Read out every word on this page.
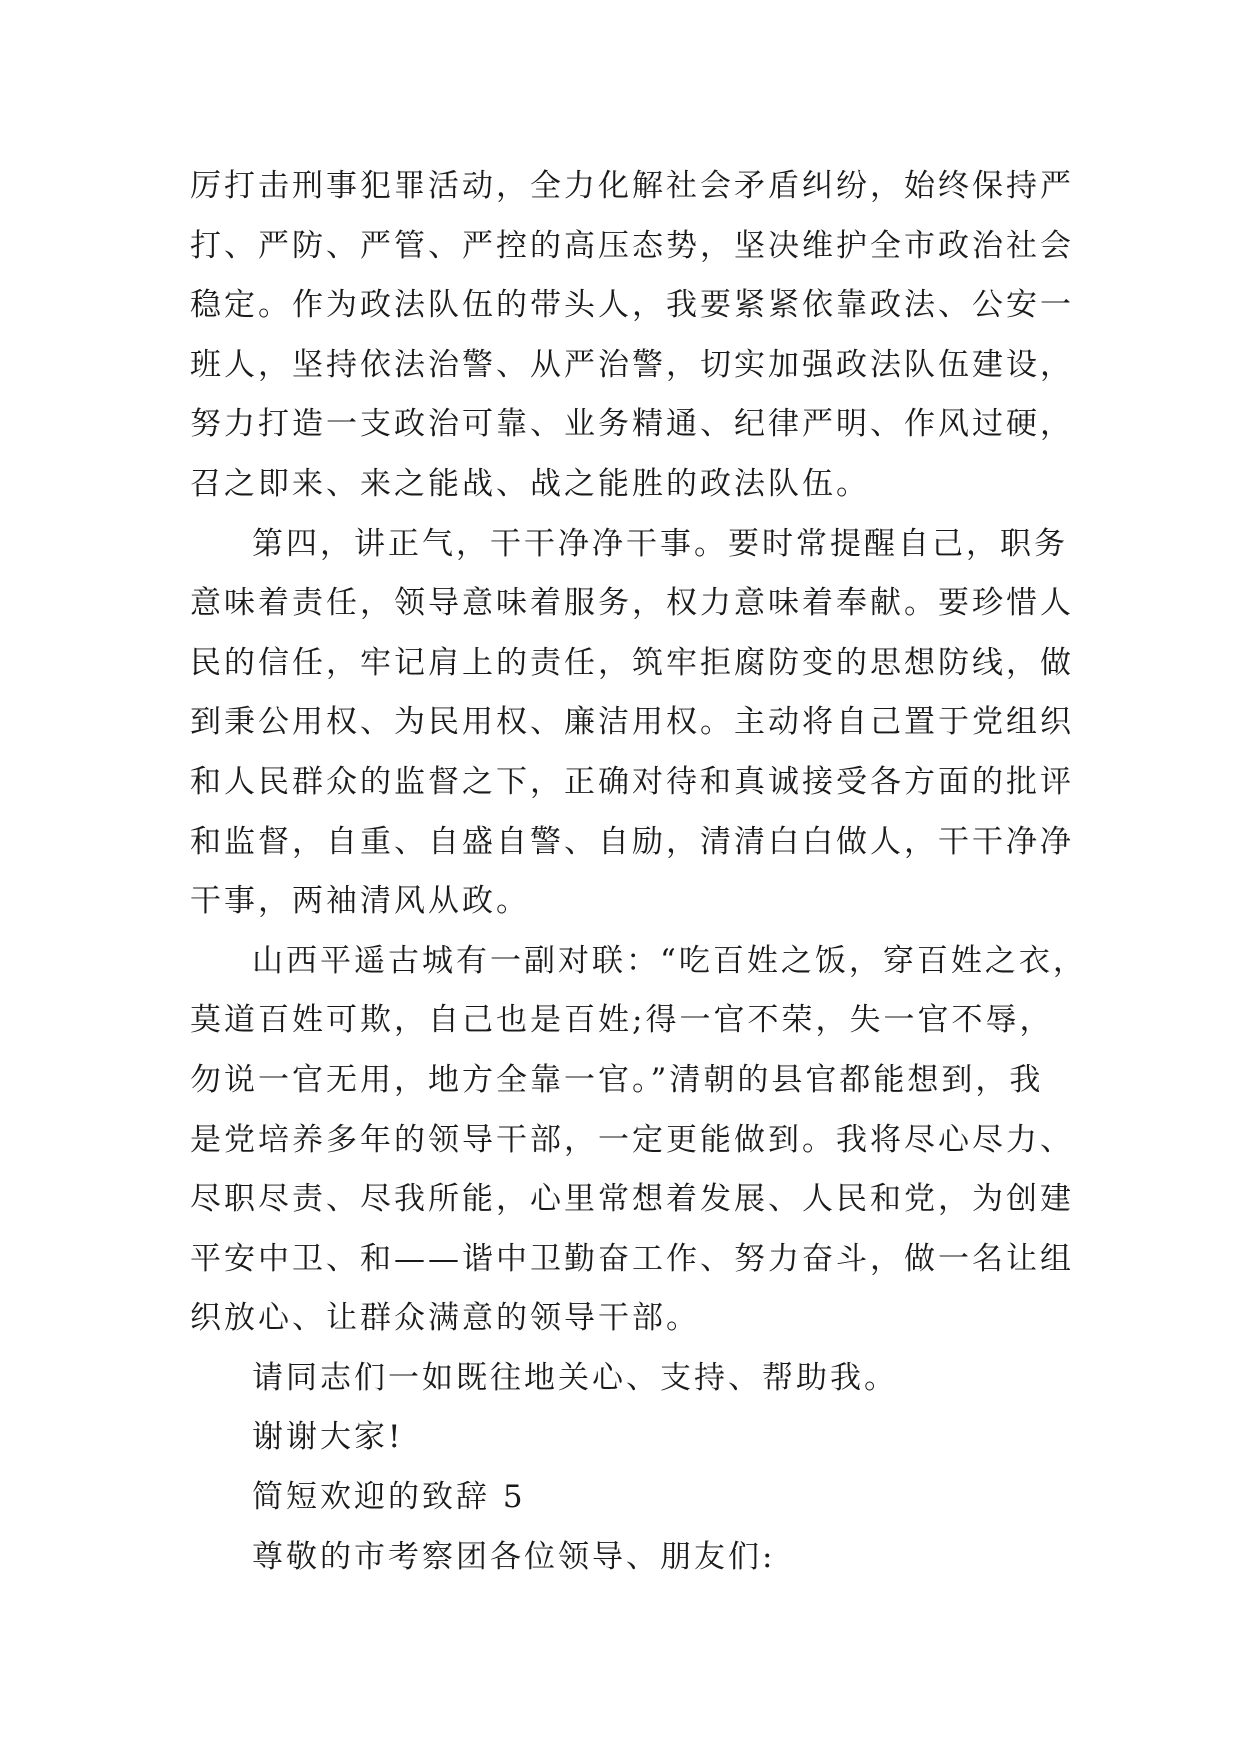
厉打击刑事犯罪活动，全力化解社会矛盾纠纷，始终保持严
打、严防、严管、严控的高压态势，坚决维护全市政治社会
稳定。作为政法队伍的带头人，我要紧紧依靠政法、公安一
班人，坚持依法治警、从严治警，切实加强政法队伍建设，
努力打造一支政治可靠、业务精通、纪律严明、作风过硬，
召之即来、来之能战、战之能胜的政法队伍。
第四，讲正气，干干净净干事。要时常提醒自己，职务
意味着责任，领导意味着服务，权力意味着奉献。要珍惜人
民的信任，牢记肩上的责任，筑牢拒腐防变的思想防线，做
到秉公用权、为民用权、廉洁用权。主动将自己置于党组织
和人民群众的监督之下，正确对待和真诚接受各方面的批评
和监督，自重、自盛自警、自励，清清白白做人，干干净净
干事，两袖清风从政。
山西平遥古城有一副对联：“吃百姓之饭，穿百姓之衣，
莫道百姓可欺，自己也是百姓;得一官不荣，失一官不辱，
勿说一官无用，地方全靠一官。”清朝的县官都能想到，我
是党培养多年的领导干部，一定更能做到。我将尽心尽力、
尽职尽责、尽我所能，心里常想着发展、人民和党，为创建
平安中卫、和——谐中卫勤奋工作、努力奋斗，做一名让组
织放心、让群众满意的领导干部。
请同志们一如既往地关心、支持、帮助我。
谢谢大家!
简短欢迎的致辞 5
尊敬的市考察团各位领导、朋友们:
